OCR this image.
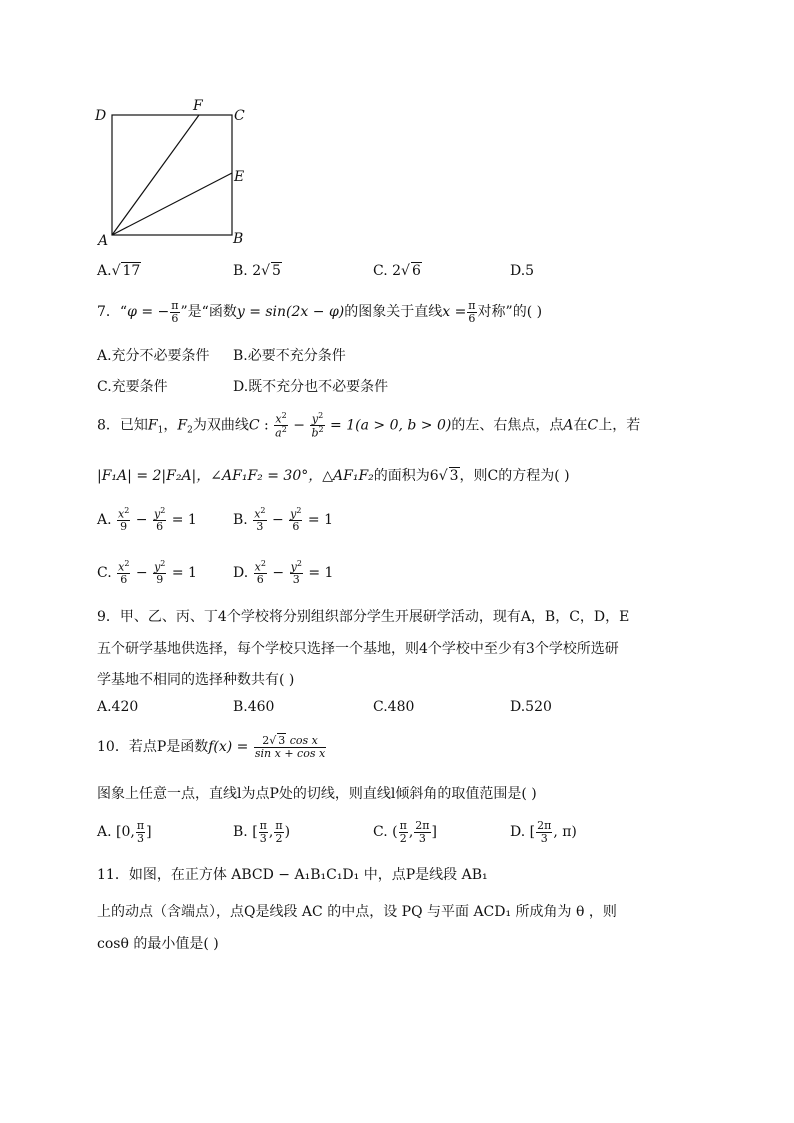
D
F
C
E
A	B
A.√ 17	B. 2√ 5	C. 2√ 6	D.5
7．“φ = − $\frac{\pi}{6}$ ”是“函数y = sin(2x − φ)的图象关于直线$x = \frac{\pi}{6}$ 对称”的( )
A.充分不必要条件 B.必要不充分条件
C.充要条件	D.既不充分也不必要条件
8．已知$F_1$，$F_2$为双曲线C : $\frac{x^2}{a^2} - \frac{y^2}{b^2} = 1(a > 0$, b > 0)的左、右焦点，点A在C上，若
|F₁A| = 2|F₂A|，∠AF₁F₂ = 30°，△AF₁F₂的面积为6√ 3，则C的方程为( )
A. $\frac{x^2}{9} - \frac{y^2}{6} = 1$	B. $\frac{x^2}{3} - \frac{y^2}{6} = 1$
C. $\frac{x^2}{6} - \frac{y^2}{9} = 1$	D. $\frac{x^2}{6} - \frac{y^2}{3} = 1$
9．甲、乙、丙、丁4个学校将分别组织部分学生开展研学活动，现有A，B，C，D，E
五个研学基地供选择，每个学校只选择一个基地，则4个学校中至少有3个学校所选研
学基地不相同的选择种数共有( )
A.420	B.460	C.480	D.520
10．若点P是函数$f(x) = \frac{\text{2√ 3 cos x}}{\text{sin x + cos x}}$
图象上任意一点，直线l为点P处的切线，则直线l倾斜角的取值范围是( )
A. [0, $\frac{\pi}{3}$ ]	B. [ $\frac{\pi}{3}$ , $\frac{\pi}{2}$ )	C. ( $\frac{\pi}{2}$ , $\frac{2\pi}{3}$ ]	D. [ $\frac{2\pi}{3}$ , π)
11．如图，在正方体 ABCD − A₁B₁C₁D₁ 中，点P是线段 AB₁
上的动点（含端点），点Q是线段 AC 的中点，设 PQ 与平面 ACD₁ 所成角为 θ ，则
cosθ 的最小值是( )
